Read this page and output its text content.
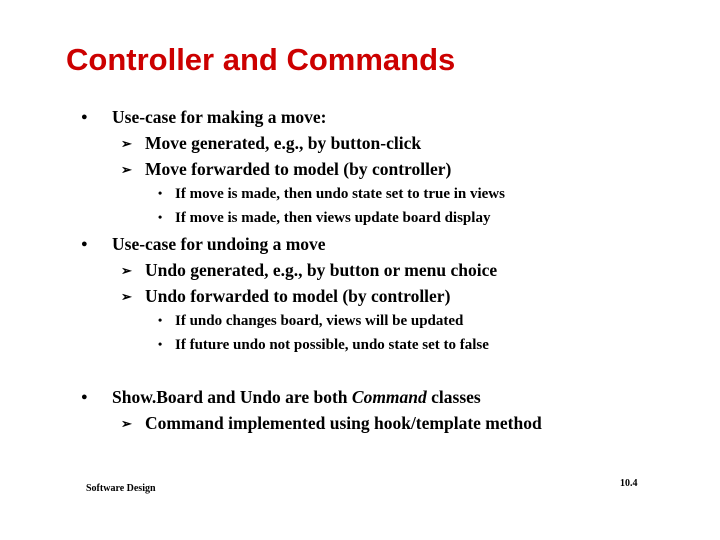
Controller and Commands
● Use-case for making a move:
➢ Move generated, e.g., by button-click
➢ Move forwarded to model (by controller)
• If move is made, then undo state set to true in views
• If move is made, then views update board display
● Use-case for undoing a move
➢ Undo generated, e.g., by button or menu choice
➢ Undo forwarded to model (by controller)
• If undo changes board, views will be updated
• If future undo not possible, undo state set to false
● Show.Board and Undo are both Command classes
➢ Command implemented using hook/template method
Software Design	10.4
